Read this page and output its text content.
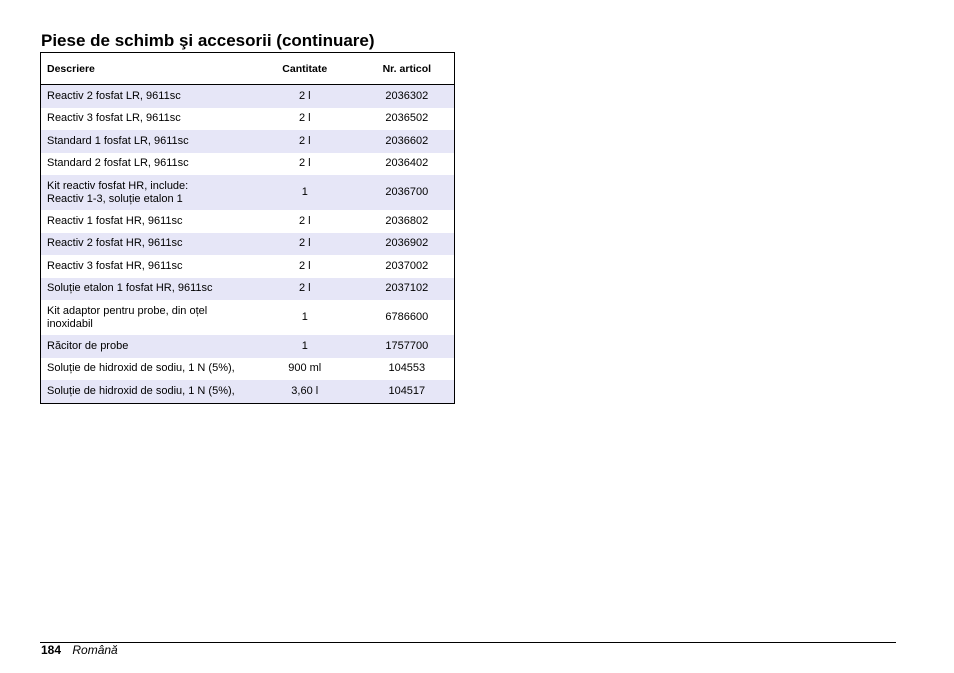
Piese de schimb şi accesorii (continuare)
Descriere	Cantitate	Nr. articol
Reactiv 2 fosfat LR, 9611sc	2 l	2036302
Reactiv 3 fosfat LR, 9611sc	2 l	2036502
Standard 1 fosfat LR, 9611sc	2 l	2036602
Standard 2 fosfat LR, 9611sc	2 l	2036402
Kit reactiv fosfat HR, include:
Reactiv 1-3, soluție etalon 1	1	2036700
Reactiv 1 fosfat HR, 9611sc	2 l	2036802
Reactiv 2 fosfat HR, 9611sc	2 l	2036902
Reactiv 3 fosfat HR, 9611sc	2 l	2037002
Soluție etalon 1 fosfat HR, 9611sc	2 l	2037102
Kit adaptor pentru probe, din oțel
inoxidabil	1	6786600
Răcitor de probe	1	1757700
Soluție de hidroxid de sodiu, 1 N (5%),	900 ml	104553
Soluție de hidroxid de sodiu, 1 N (5%),	3,60 l	104517
184 Română
